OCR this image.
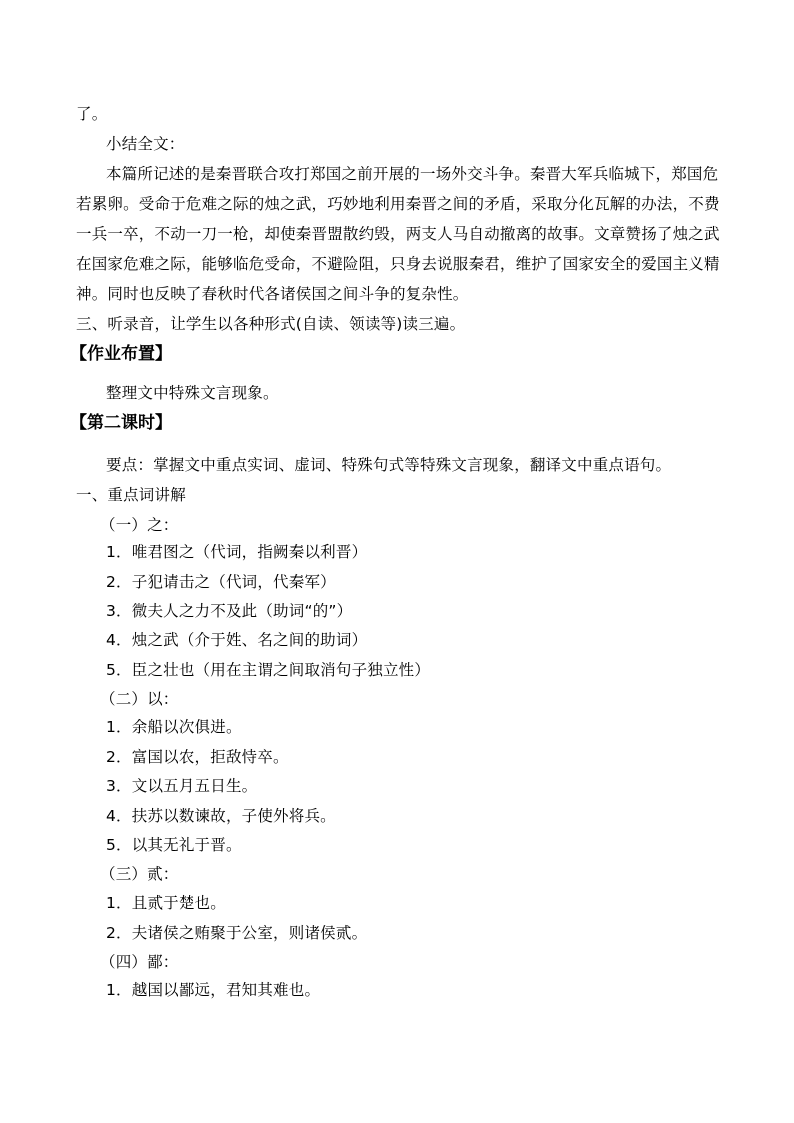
了。
小结全文：
本篇所记述的是秦晋联合攻打郑国之前开展的一场外交斗争。秦晋大军兵临城下，郑国危若累卵。受命于危难之际的烛之武，巧妙地利用秦晋之间的矛盾，采取分化瓦解的办法，不费一兵一卒，不动一刀一枪，却使秦晋盟散约毁，两支人马自动撤离的故事。文章赞扬了烛之武在国家危难之际，能够临危受命，不避险阻，只身去说服秦君，维护了国家安全的爱国主义精神。同时也反映了春秋时代各诸侯国之间斗争的复杂性。
三、听录音，让学生以各种形式(自读、领读等)读三遍。
【作业布置】
整理文中特殊文言现象。
【第二课时】
要点：掌握文中重点实词、虚词、特殊句式等特殊文言现象，翻译文中重点语句。
一、重点词讲解
（一）之：
1．唯君图之（代词，指阙秦以利晋）
2．子犯请击之（代词，代秦军）
3．微夫人之力不及此（助词“的”）
4．烛之武（介于姓、名之间的助词）
5．臣之壮也（用在主谓之间取消句子独立性）
（二）以：
1．余船以次俱进。
2．富国以农，拒敌恃卒。
3．文以五月五日生。
4．扶苏以数谏故，子使外将兵。
5．以其无礼于晋。
（三）贰：
1．且贰于楚也。
2．夫诸侯之贿聚于公室，则诸侯贰。
（四）鄙：
1．越国以鄙远，君知其难也。
